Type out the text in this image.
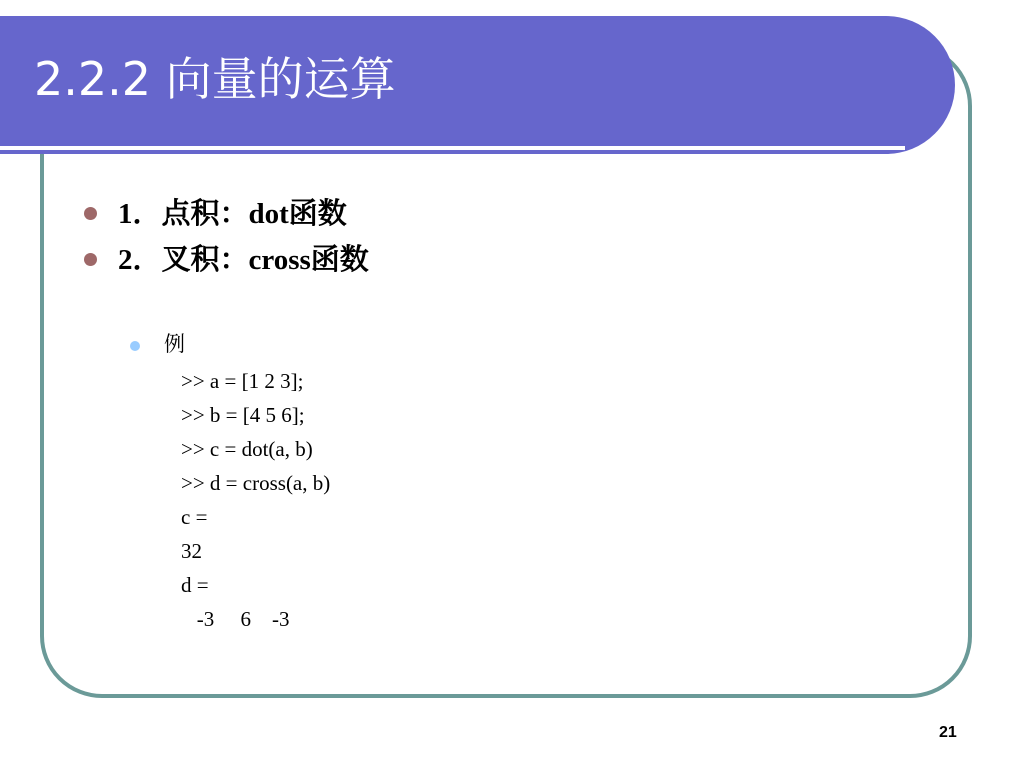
2.2.2 向量的运算
1．点积：dot函数
2．叉积：cross函数
例
>> a = [1 2 3];
>> b = [4 5 6];
>> c = dot(a, b)
>> d = cross(a, b)
c =
32
d =
-3     6    -3
21
